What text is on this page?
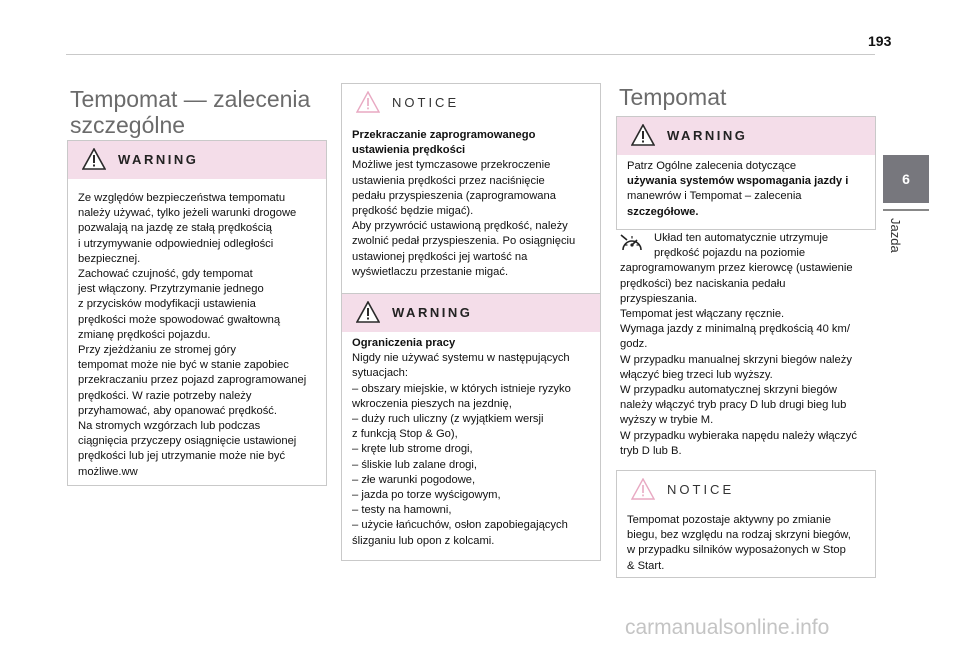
193
6
Jazda
Tempomat — zalecenia
szczególne
WARNING

Ze względów bezpieczeństwa tempomatu

należy używać, tylko jeżeli warunki drogowe

pozwalają na jazdę ze stałą prędkością

i utrzymywanie odpowiedniej odległości

bezpiecznej.

Zachować czujność, gdy tempomat

jest włączony. Przytrzymanie jednego

z przycisków modyfikacji ustawienia

prędkości może spowodować gwałtowną

zmianę prędkości pojazdu.

Przy zjeżdżaniu ze stromej góry

tempomat może nie być w stanie zapobiec

przekraczaniu przez pojazd zaprogramowanej

prędkości. W razie potrzeby należy

przyhamować, aby opanować prędkość.

Na stromych wzgórzach lub podczas

ciągnięcia przyczepy osiągnięcie ustawionej

prędkości lub jej utrzymanie może nie być

możliwe.ww

NOTICE

Przekraczanie zaprogramowanego

ustawienia prędkości

Możliwe jest tymczasowe przekroczenie

ustawienia prędkości przez naciśnięcie

pedału przyspieszenia (zaprogramowana

prędkość będzie migać).

Aby przywrócić ustawioną prędkość, należy

zwolnić pedał przyspieszenia. Po osiągnięciu

ustawionej prędkości jej wartość na

wyświetlaczu przestanie migać.

WARNING

Ograniczenia pracy

Nigdy nie używać systemu w następujących

sytuacjach:

– obszary miejskie, w których istnieje ryzyko

wkroczenia pieszych na jezdnię,

– duży ruch uliczny (z wyjątkiem wersji

z funkcją Stop & Go),

– kręte lub strome drogi,

– śliskie lub zalane drogi,

– złe warunki pogodowe,

– jazda po torze wyścigowym,

– testy na hamowni,

– użycie łańcuchów, osłon zapobiegających

ślizganiu lub opon z kolcami.

Tempomat
WARNING

Patrz Ogólne zalecenia dotyczące

używania systemów wspomagania jazdy i

manewrów i Tempomat – zalecenia

szczegółowe.

Układ ten automatycznie utrzymuje

prędkość pojazdu na poziomie

zaprogramowanym przez kierowcę (ustawienie

prędkości) bez naciskania pedału

przyspieszania.

Tempomat jest włączany ręcznie.

Wymaga jazdy z minimalną prędkością 40 km/

godz.

W przypadku manualnej skrzyni biegów należy

włączyć bieg trzeci lub wyższy.

W przypadku automatycznej skrzyni biegów

należy włączyć tryb pracy D lub drugi bieg lub

wyższy w trybie M.

W przypadku wybieraka napędu należy włączyć

tryb D lub B.

NOTICE

Tempomat pozostaje aktywny po zmianie

biegu, bez względu na rodzaj skrzyni biegów,

w przypadku silników wyposażonych w Stop

& Start.

carmanualsonline.info
